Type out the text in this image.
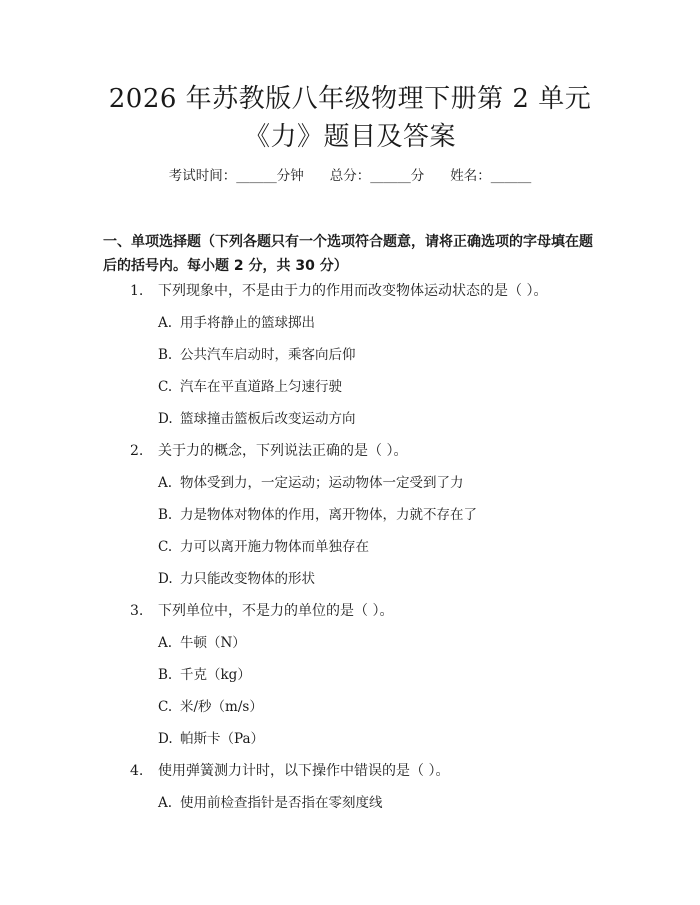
2026 年苏教版八年级物理下册第 2 单元
《力》题目及答案
考试时间：______分钟 总分：______分 姓名：______
一、单项选择题（下列各题只有一个选项符合题意，请将正确选项的字母填在题
后的括号内。每小题 2 分，共 30 分）
1. 下列现象中，不是由于力的作用而改变物体运动状态的是（ ）。
A. 用手将静止的篮球掷出
B. 公共汽车启动时，乘客向后仰
C. 汽车在平直道路上匀速行驶
D. 篮球撞击篮板后改变运动方向
2. 关于力的概念，下列说法正确的是（ ）。
A. 物体受到力，一定运动；运动物体一定受到了力
B. 力是物体对物体的作用，离开物体，力就不存在了
C. 力可以离开施力物体而单独存在
D. 力只能改变物体的形状
3. 下列单位中，不是力的单位的是（ ）。
A. 牛顿（N）
B. 千克（kg）
C. 米/秒（m/s）
D. 帕斯卡（Pa）
4. 使用弹簧测力计时，以下操作中错误的是（ ）。
A. 使用前检查指针是否指在零刻度线
